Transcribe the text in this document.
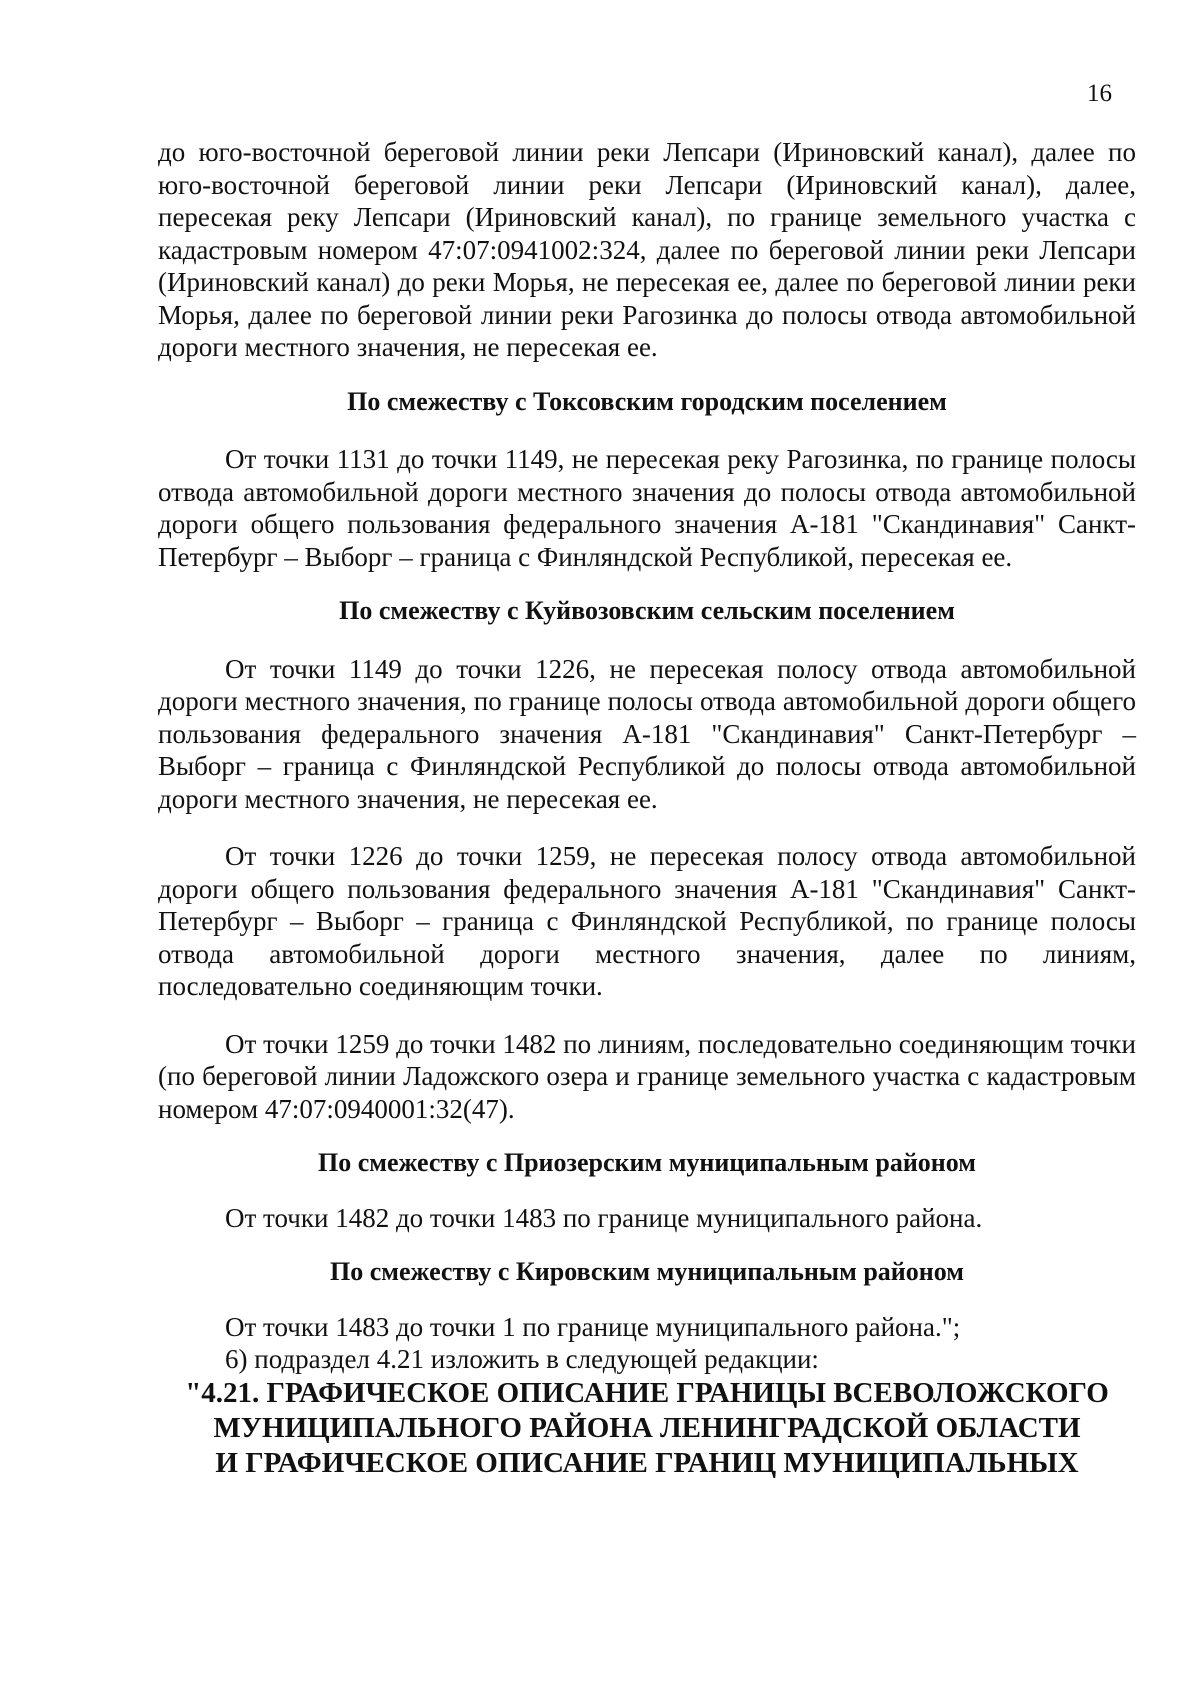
16

до юго-восточной береговой линии реки Лепсари (Ириновский канал), далее по юго-восточной береговой линии реки Лепсари (Ириновский канал), далее, пересекая реку Лепсари (Ириновский канал), по границе земельного участка с кадастровым номером 47:07:0941002:324, далее по береговой линии реки Лепсари (Ириновский канал) до реки Морья, не пересекая ее, далее по береговой линии реки Морья, далее по береговой линии реки Рагозинка до полосы отвода автомобильной дороги местного значения, не пересекая ее.

По смежеству с Токсовским городским поселением

От точки 1131 до точки 1149, не пересекая реку Рагозинка, по границе полосы отвода автомобильной дороги местного значения до полосы отвода автомобильной дороги общего пользования федерального значения А-181 "Скандинавия" Санкт-Петербург – Выборг – граница с Финляндской Республикой, пересекая ее.

По смежеству с Куйвозовским сельским поселением

От точки 1149 до точки 1226, не пересекая полосу отвода автомобильной дороги местного значения, по границе полосы отвода автомобильной дороги общего пользования федерального значения А-181 "Скандинавия" Санкт-Петербург – Выборг – граница с Финляндской Республикой до полосы отвода автомобильной дороги местного значения, не пересекая ее.

От точки 1226 до точки 1259, не пересекая полосу отвода автомобильной дороги общего пользования федерального значения А-181 "Скандинавия" Санкт-Петербург – Выборг – граница с Финляндской Республикой, по границе полосы отвода автомобильной дороги местного значения, далее по линиям, последовательно соединяющим точки.

От точки 1259 до точки 1482 по линиям, последовательно соединяющим точки (по береговой линии Ладожского озера и границе земельного участка с кадастровым номером 47:07:0940001:32(47).

По смежеству с Приозерским муниципальным районом

От точки 1482 до точки 1483 по границе муниципального района.

По смежеству с Кировским муниципальным районом

От точки 1483 до точки 1 по границе муниципального района.";

6) подраздел 4.21 изложить в следующей редакции:

"4.21. ГРАФИЧЕСКОЕ ОПИСАНИЕ ГРАНИЦЫ ВСЕВОЛОЖСКОГО

МУНИЦИПАЛЬНОГО РАЙОНА ЛЕНИНГРАДСКОЙ ОБЛАСТИ

И ГРАФИЧЕСКОЕ ОПИСАНИЕ ГРАНИЦ МУНИЦИПАЛЬНЫХ
